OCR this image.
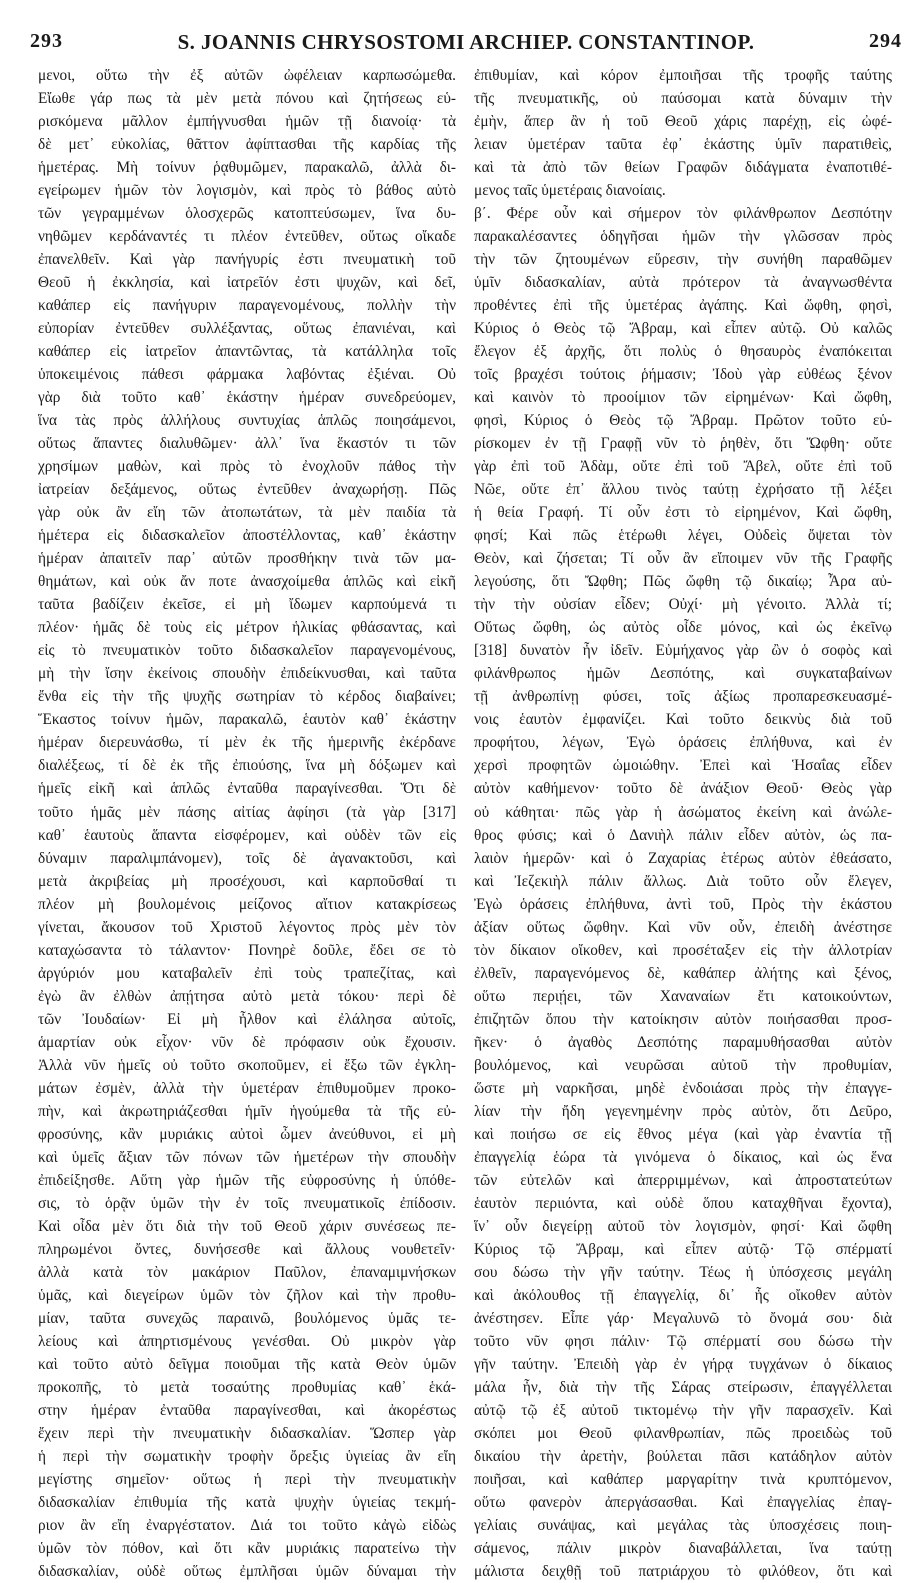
293	S. JOANNIS CHRYSOSTOMI ARCHIEP. CONSTANTINOP.	294
μενοι, οὕτω τὴν ἐξ αὐτῶν ὠφέλειαν καρπωσώμεθα.
Εἴωθε γάρ πως τὰ μὲν μετὰ πόνου καὶ ζητήσεως εὑ-
ρισκόμενα μᾶλλον ἐμπήγνυσθαι ἡμῶν τῇ διανοίᾳ· τὰ
δὲ μετ᾽ εὐκολίας, θᾶττον ἀφίπτασθαι τῆς καρδίας τῆς
ἡμετέρας. Μὴ τοίνυν ῥᾳθυμῶμεν, παρακαλῶ, ἀλλὰ δι-
εγείρωμεν ἡμῶν τὸν λογισμὸν, καὶ πρὸς τὸ βάθος αὐτὸ
τῶν γεγραμμένων ὁλοσχερῶς κατοπτεύσωμεν, ἵνα δυ-
νηθῶμεν κερδάναντές τι πλέον ἐντεῦθεν, οὕτως οἴκαδε
ἐπανελθεῖν. Καὶ γὰρ πανήγυρίς ἐστι πνευματικὴ τοῦ
Θεοῦ ἡ ἐκκλησία, καὶ ἰατρεῖόν ἐστι ψυχῶν, καὶ δεῖ,
καθάπερ εἰς πανήγυριν παραγενομένους, πολλὴν τὴν
εὐπορίαν ἐντεῦθεν συλλέξαντας, οὕτως ἐπανιέναι, καὶ
καθάπερ εἰς ἰατρεῖον ἀπαντῶντας, τὰ κατάλληλα τοῖς
ὑποκειμένοις πάθεσι φάρμακα λαβόντας ἐξιέναι. Οὐ
γὰρ διὰ τοῦτο καθ᾽ ἑκάστην ἡμέραν συνεδρεύομεν,
ἵνα τὰς πρὸς ἀλλήλους συντυχίας ἁπλῶς ποιησάμενοι,
οὕτως ἅπαντες διαλυθῶμεν· ἀλλ᾽ ἵνα ἕκαστόν τι τῶν
χρησίμων μαθὼν, καὶ πρὸς τὸ ἐνοχλοῦν πάθος τὴν
ἰατρείαν δεξάμενος, οὕτως ἐντεῦθεν ἀναχωρήσῃ. Πῶς
γὰρ οὐκ ἂν εἴη τῶν ἀτοπωτάτων, τὰ μὲν παιδία τὰ
ἡμέτερα εἰς διδασκαλεῖον ἀποστέλλοντας, καθ᾽ ἑκάστην
ἡμέραν ἀπαιτεῖν παρ᾽ αὐτῶν προσθήκην τινὰ τῶν μα-
θημάτων, καὶ οὐκ ἄν ποτε ἀνασχοίμεθα ἁπλῶς καὶ εἰκῆ
ταῦτα βαδίζειν ἐκεῖσε, εἰ μὴ ἴδωμεν καρπούμενά τι
πλέον· ἡμᾶς δὲ τοὺς εἰς μέτρον ἡλικίας φθάσαντας, καὶ
εἰς τὸ πνευματικὸν τοῦτο διδασκαλεῖον παραγενομένους,
μὴ τὴν ἴσην ἐκείνοις σπουδὴν ἐπιδείκνυσθαι, καὶ ταῦτα
ἔνθα εἰς τὴν τῆς ψυχῆς σωτηρίαν τὸ κέρδος διαβαίνει;
Ἕκαστος τοίνυν ἡμῶν, παρακαλῶ, ἑαυτὸν καθ᾽ ἑκάστην
ἡμέραν διερευνάσθω, τί μὲν ἐκ τῆς ἡμερινῆς ἐκέρδανε
διαλέξεως, τί δὲ ἐκ τῆς ἐπιούσης, ἵνα μὴ δόξωμεν καὶ
ἡμεῖς εἰκῆ καὶ ἁπλῶς ἐνταῦθα παραγίνεσθαι. Ὅτι δὲ
τοῦτο ἡμᾶς μὲν πάσης αἰτίας ἀφίησι (τὰ γὰρ [317]
καθ᾽ ἑαυτοὺς ἅπαντα εἰσφέρομεν, καὶ οὐδὲν τῶν εἰς
δύναμιν παραλιμπάνομεν), τοῖς δὲ ἀγανακτοῦσι, καὶ
μετὰ ἀκριβείας μὴ προσέχουσι, καὶ καρποῦσθαί τι
πλέον μὴ βουλομένοις μείζονος αἴτιον κατακρίσεως
γίνεται, ἄκουσον τοῦ Χριστοῦ λέγοντος πρὸς μὲν τὸν
καταχώσαντα τὸ τάλαντον· Πονηρὲ δοῦλε, ἔδει σε τὸ
ἀργύριόν μου καταβαλεῖν ἐπὶ τοὺς τραπεζίτας, καὶ
ἐγὼ ἂν ἐλθὼν ἀπῄτησα αὐτὸ μετὰ τόκου· περὶ δὲ
τῶν Ἰουδαίων· Εἰ μὴ ἦλθον καὶ ἐλάλησα αὐτοῖς,
ἁμαρτίαν οὐκ εἶχον· νῦν δὲ πρόφασιν οὐκ ἔχουσιν.
Ἀλλὰ νῦν ἡμεῖς οὐ τοῦτο σκοποῦμεν, εἰ ἔξω τῶν ἐγκλη-
μάτων ἐσμὲν, ἀλλὰ τὴν ὑμετέραν ἐπιθυμοῦμεν προκο-
πὴν, καὶ ἀκρωτηριάζεσθαι ἡμῖν ἡγούμεθα τὰ τῆς εὐ-
φροσύνης, κἂν μυριάκις αὐτοὶ ὦμεν ἀνεύθυνοι, εἰ μὴ
καὶ ὑμεῖς ἄξιαν τῶν πόνων τῶν ἡμετέρων τὴν σπουδὴν
ἐπιδείξησθε. Αὕτη γὰρ ἡμῶν τῆς εὐφροσύνης ἡ ὑπόθε-
σις, τὸ ὁρᾷν ὑμῶν τὴν ἐν τοῖς πνευματικοῖς ἐπίδοσιν.
Καὶ οἶδα μὲν ὅτι διὰ τὴν τοῦ Θεοῦ χάριν συνέσεως πε-
πληρωμένοι ὄντες, δυνήσεσθε καὶ ἄλλους νουθετεῖν·
ἀλλὰ κατὰ τὸν μακάριον Παῦλον, ἐπαναμιμνήσκων
ὑμᾶς, καὶ διεγείρων ὑμῶν τὸν ζῆλον καὶ τὴν προθυ-
μίαν, ταῦτα συνεχῶς παραινῶ, βουλόμενος ὑμᾶς τε-
λείους καὶ ἀπηρτισμένους γενέσθαι. Οὐ μικρὸν γὰρ
καὶ τοῦτο αὐτὸ δεῖγμα ποιοῦμαι τῆς κατὰ Θεὸν ὑμῶν
προκοπῆς, τὸ μετὰ τοσαύτης προθυμίας καθ᾽ ἑκά-
στην ἡμέραν ἐνταῦθα παραγίνεσθαι, καὶ ἀκορέστως
ἔχειν περὶ τὴν πνευματικὴν διδασκαλίαν. Ὥσπερ γὰρ
ἡ περὶ τὴν σωματικὴν τροφὴν ὄρεξις ὑγιείας ἂν εἴη
μεγίστης σημεῖον· οὕτως ἡ περὶ τὴν πνευματικὴν
διδασκαλίαν ἐπιθυμία τῆς κατὰ ψυχὴν ὑγιείας τεκμή-
ριον ἂν εἴη ἐναργέστατον. Διά τοι τοῦτο κἀγὼ εἰδὼς
ὑμῶν τὸν πόθον, καὶ ὅτι κἂν μυριάκις παρατείνω τὴν
διδασκαλίαν, οὐδὲ οὕτως ἐμπλῆσαι ὑμῶν δύναμαι τὴν
ἐπιθυμίαν, καὶ κόρον ἐμποιῆσαι τῆς τροφῆς ταύτης
τῆς πνευματικῆς, οὐ παύσομαι κατὰ δύναμιν τὴν
ἐμὴν, ἅπερ ἂν ἡ τοῦ Θεοῦ χάρις παρέχῃ, εἰς ὠφέ-
λειαν ὑμετέραν ταῦτα ἐφ᾽ ἑκάστης ὑμῖν παρατιθεὶς,
καὶ τὰ ἀπὸ τῶν θείων Γραφῶν διδάγματα ἐναποτιθέ-
μενος ταῖς ὑμετέραις διανοίαις.
β΄. Φέρε οὖν καὶ σήμερον τὸν φιλάνθρωπον Δεσπότην
παρακαλέσαντες ὁδηγῆσαι ἡμῶν τὴν γλῶσσαν πρὸς
τὴν τῶν ζητουμένων εὕρεσιν, τὴν συνήθη παραθῶμεν
ὑμῖν διδασκαλίαν, αὐτὰ πρότερον τὰ ἀναγνωσθέντα
προθέντες ἐπὶ τῆς ὑμετέρας ἀγάπης. Καὶ ὤφθη, φησὶ,
Κύριος ὁ Θεὸς τῷ Ἄβραμ, καὶ εἶπεν αὐτῷ. Οὐ καλῶς
ἔλεγον ἐξ ἀρχῆς, ὅτι πολὺς ὁ θησαυρὸς ἐναπόκειται
τοῖς βραχέσι τούτοις ῥήμασιν; Ἰδοὺ γὰρ εὐθέως ξένον
καὶ καινὸν τὸ προοίμιον τῶν εἰρημένων· Καὶ ὤφθη,
φησὶ, Κύριος ὁ Θεὸς τῷ Ἄβραμ. Πρῶτον τοῦτο εὑ-
ρίσκομεν ἐν τῇ Γραφῇ νῦν τὸ ῥηθὲν, ὅτι Ὤφθη· οὔτε
γὰρ ἐπὶ τοῦ Ἀδὰμ, οὔτε ἐπὶ τοῦ Ἄβελ, οὔτε ἐπὶ τοῦ
Νῶε, οὔτε ἐπ᾽ ἄλλου τινὸς ταύτῃ ἐχρήσατο τῇ λέξει
ἡ θεία Γραφή. Τί οὖν ἐστι τὸ εἰρημένον, Καὶ ὤφθη,
φησί; Καὶ πῶς ἑτέρωθι λέγει, Οὐδεὶς ὄψεται τὸν
Θεὸν, καὶ ζήσεται; Τί οὖν ἂν εἴποιμεν νῦν τῆς Γραφῆς
λεγούσης, ὅτι Ὤφθη; Πῶς ὤφθη τῷ δικαίῳ; Ἆρα αὐ-
τὴν τὴν οὐσίαν εἶδεν; Οὐχί· μὴ γένοιτο. Ἀλλὰ τί;
Οὕτως ὤφθη, ὡς αὐτὸς οἶδε μόνος, καὶ ὡς ἐκεῖνῳ
[318] δυνατὸν ἦν ἰδεῖν. Εὐμήχανος γὰρ ὢν ὁ σοφὸς καὶ
φιλάνθρωπος ἡμῶν Δεσπότης, καὶ συγκαταβαίνων
τῇ ἀνθρωπίνῃ φύσει, τοῖς ἀξίως προπαρεσκευασμέ-
νοις ἑαυτὸν ἐμφανίζει. Καὶ τοῦτο δεικνὺς διὰ τοῦ
προφήτου, λέγων, Ἐγὼ ὁράσεις ἐπλήθυνα, καὶ ἐν
χερσὶ προφητῶν ὡμοιώθην. Ἐπεὶ καὶ Ἡσαΐας εἶδεν
αὐτὸν καθήμενον· τοῦτο δὲ ἀνάξιον Θεοῦ· Θεὸς γὰρ
οὐ κάθηται· πῶς γὰρ ἡ ἀσώματος ἐκείνη καὶ ἀνώλε-
θρος φύσις; καὶ ὁ Δανιὴλ πάλιν εἶδεν αὐτὸν, ὡς πα-
λαιὸν ἡμερῶν· καὶ ὁ Ζαχαρίας ἑτέρως αὐτὸν ἐθεάσατο,
καὶ Ἰεζεκιὴλ πάλιν ἄλλως. Διὰ τοῦτο οὖν ἔλεγεν,
Ἐγὼ ὁράσεις ἐπλήθυνα, ἀντὶ τοῦ, Πρὸς τὴν ἑκάστου
ἀξίαν οὕτως ὤφθην. Καὶ νῦν οὖν, ἐπειδὴ ἀνέστησε
τὸν δίκαιον οἴκοθεν, καὶ προσέταξεν εἰς τὴν ἀλλοτρίαν
ἐλθεῖν, παραγενόμενος δὲ, καθάπερ ἀλήτης καὶ ξένος,
οὕτω περιῄει, τῶν Χαναναίων ἔτι κατοικούντων,
ἐπιζητῶν ὅπου τὴν κατοίκησιν αὐτὸν ποιήσασθαι προσ-
ῆκεν· ὁ ἀγαθὸς Δεσπότης παραμυθήσασθαι αὐτὸν
βουλόμενος, καὶ νευρῶσαι αὐτοῦ τὴν προθυμίαν,
ὥστε μὴ ναρκῆσαι, μηδὲ ἐνδοιάσαι πρὸς τὴν ἐπαγγε-
λίαν τὴν ἤδη γεγενημένην πρὸς αὐτὸν, ὅτι Δεῦρο,
καὶ ποιήσω σε εἰς ἔθνος μέγα (καὶ γὰρ ἐναντία τῇ
ἐπαγγελίᾳ ἑώρα τὰ γινόμενα ὁ δίκαιος, καὶ ὡς ἕνα
τῶν εὐτελῶν καὶ ἀπερριμμένων, καὶ ἀπροστατεύτων
ἑαυτὸν περιιόντα, καὶ οὐδὲ ὅπου καταχθῆναι ἔχοντα),
ἵν᾽ οὖν διεγείρῃ αὐτοῦ τὸν λογισμὸν, φησί· Καὶ ὤφθη
Κύριος τῷ Ἄβραμ, καὶ εἶπεν αὐτῷ· Τῷ σπέρματί
σου δώσω τὴν γῆν ταύτην. Τέως ἡ ὑπόσχεσις μεγάλη
καὶ ἀκόλουθος τῇ ἐπαγγελίᾳ, δι᾽ ἧς οἴκοθεν αὐτὸν
ἀνέστησεν. Εἶπε γάρ· Μεγαλυνῶ τὸ ὄνομά σου· διὰ
τοῦτο νῦν φησι πάλιν· Τῷ σπέρματί σου δώσω τὴν
γῆν ταύτην. Ἐπειδὴ γὰρ ἐν γήρᾳ τυγχάνων ὁ δίκαιος
μάλα ἦν, διὰ τὴν τῆς Σάρας στείρωσιν, ἐπαγγέλλεται
αὐτῷ τῷ ἐξ αὐτοῦ τικτομένῳ τὴν γῆν παρασχεῖν. Καὶ
σκόπει μοι Θεοῦ φιλανθρωπίαν, πῶς προειδὼς τοῦ
δικαίου τὴν ἀρετὴν, βούλεται πᾶσι κατάδηλον αὐτὸν
ποιῆσαι, καὶ καθάπερ μαργαρίτην τινὰ κρυπτόμενον,
οὕτω φανερὸν ἀπεργάσασθαι. Καὶ ἐπαγγελίας ἐπαγ-
γελίαις συνάψας, καὶ μεγάλας τὰς ὑποσχέσεις ποιη-
σάμενος, πάλιν μικρὸν διαναβάλλεται, ἵνα ταύτῃ
μάλιστα δειχθῇ τοῦ πατριάρχου τὸ φιλόθεον, ὅτι καὶ
